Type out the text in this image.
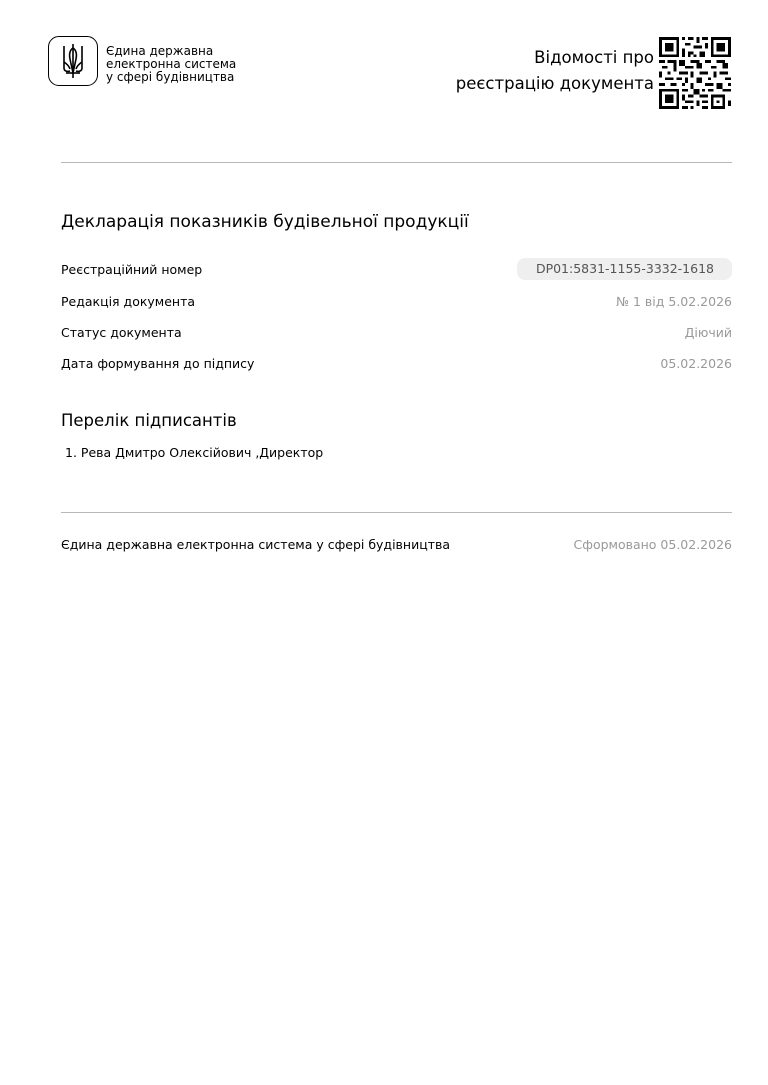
Єдина державна
електронна система
у сфері будівництва
Відомості про
реєстрацію документа
Декларація показників будівельної продукції
Реєстраційний номер	DP01:5831-1155-3332-1618
Редакція документа	№ 1 від 5.02.2026
Статус документа	Діючий
Дата формування до підпису	05.02.2026
Перелік підписантів
1. Рева Дмитро Олексійович ,Директор
Єдина державна електронна система у сфері будівництва	Сформовано 05.02.2026
